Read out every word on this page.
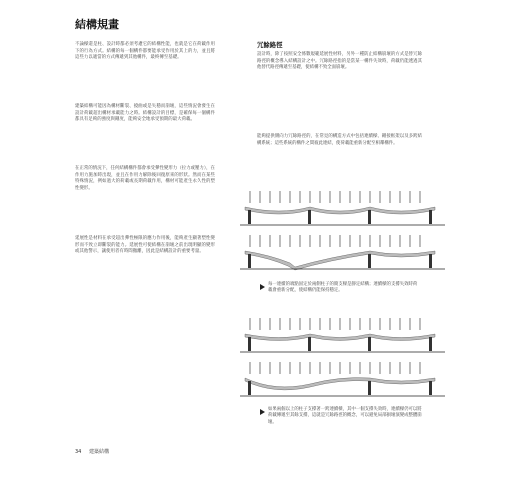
結構規畫
不論樑還是柱、設計時都必須考慮它的結構性能，也就是它在荷載作用下的行為方式。結構的每一個構件都要能承受作用於其上的力，並且將這些力以適當的方式傳遞到其他構件，最終傳至基礎。
建築結構可能因為構材斷裂、撓曲或是失穩而崩壞，這些情況會發生在設計荷載超出構材承載能力之時。結構設計的目標，是確保每一個構件都具有足夠的強度與剛度，能夠安全地承受預期的最大荷載。
在正常的情況下，任何結構構件都會承受彈性變形力（拉力或壓力），在作用力施加時出現，並且在作用力解除後回復原來的形狀。然而在某些特殊情況，例如過大的荷載或長期荷載作用，構材可能產生永久性的塑性變形。
延展性是材料在承受超出彈性極限的應力作用後，能夠產生顯著塑性變形而不致立即斷裂的能力。延展性可使結構在崩壞之前出現明顯的變形或其他警示，讓使用者有時間撤離，因此是結構設計的重要考量。
冗餘路徑
設計時，除了按照安全係數規範延展性材料，另外一種防止結構崩壞的方式是替冗餘路徑的概念導入結構設計之中。冗餘路徑指的是當某一構件失效時，荷載仍能透過其他替代路徑傳遞至基礎，使結構不致全面崩壞。
能夠提供側向力冗餘路徑的，在常見的構造方式中包括連續樑、剛接框架以及多跨結構系統；這些系統的構件之間彼此連結，使荷載能重新分配至相鄰構件。
每一連續的端點固定於兩側柱子的簡支樑是靜定結構；連續樑的支撐失效時荷載會重新分配，使結構仍能保持穩定。
如果兩個以上的柱子支撐著一跨連續樑，其中一個支撐失效時，連續樑仍可以將荷載傳遞至其餘支撐，這就是冗餘路徑的概念，可以避免局部損壞演變成整體崩壞。
34 建築結構
